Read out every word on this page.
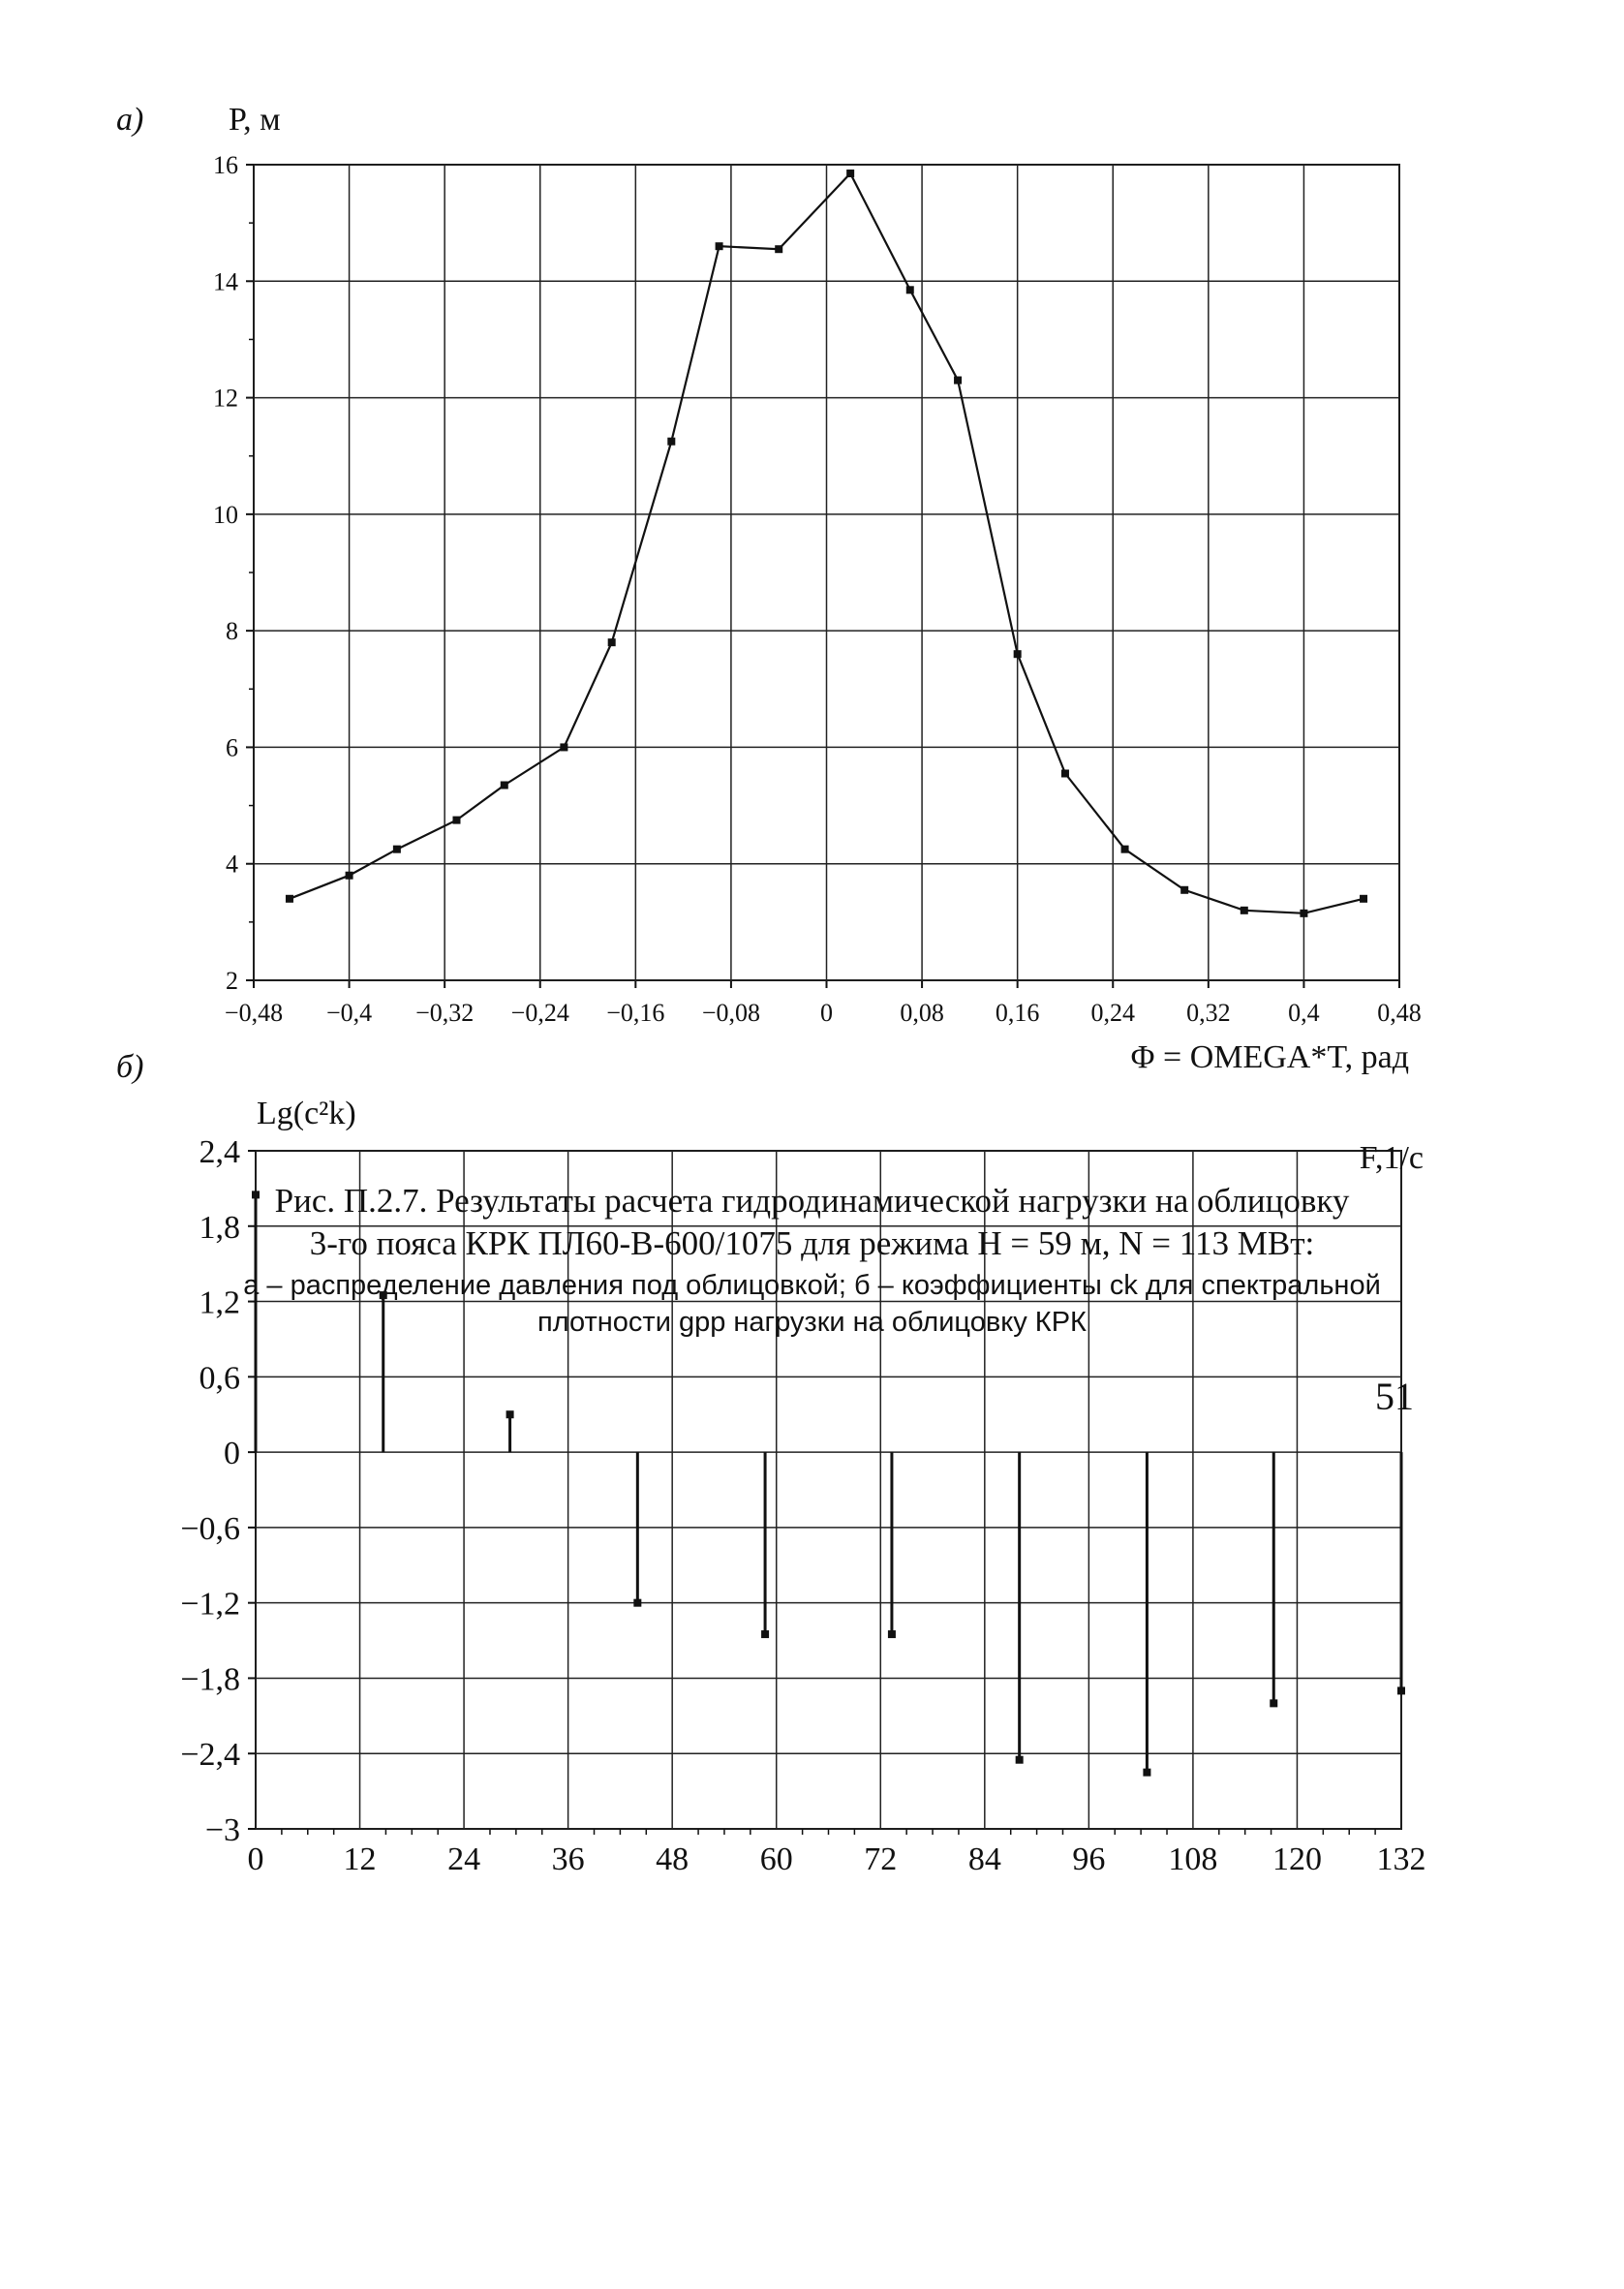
а)	P, м
−0,48 −0,4 −0,32 −0,24 −0,16 −0,08 0	0,08 0,16 0,24 0,32 0,4 0,48
2
4
6
8
10
12
14
16
Φ = OMEGA*T, рад
б)
Lg(c²k)
0 12 24 36 48 60 72 84 96 108 120 132
2,4
1,8
1,2
0,6
0
−0,6
−1,2
−1,8
−2,4
−3
F,1/c
Рис. П.2.7. Результаты расчета гидродинамической нагрузки на облицовку
3-го пояса КРК ПЛ60-В-600/1075 для режима H = 59 м, N = 113 МВт:
а – распределение давления под облицовкой; б – коэффициенты ck для спектральной
плотности gpp нагрузки на облицовку КРК
51
